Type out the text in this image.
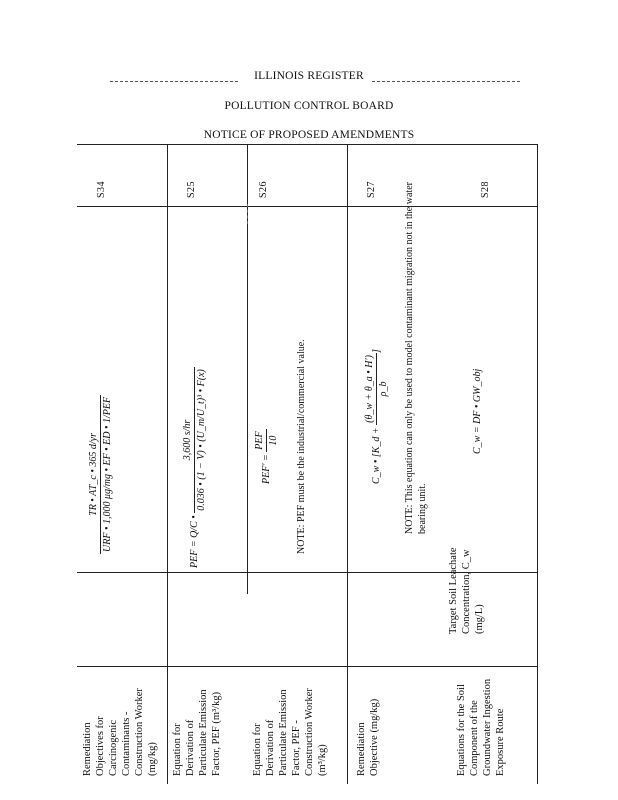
ILLINOIS REGISTER
POLLUTION CONTROL BOARD
NOTICE OF PROPOSED AMENDMENTS
Equations for the Soil Component of the Groundwater Ingestion Exposure Route
Remediation Objectives for Carcinogenic Contaminants - Construction Worker (mg/kg)
TR • AT_c • 365 d/yr URF • 1,000 μg/mg • EF • ED • 1/PEF
S34
Equation for Derivation of Particulate Emission Factor, PEF (m³/kg)
PEF = Q/C •
3,600 s/hr 0.036 • (1 − V) • (U_m/U_t)³ • F(x)
S25
Equation for Derivation of Particulate Emission Factor, PEF - Construction Worker (m³/kg)
PEF′ =
PEF 10 NOTE: PEF must be the industrial/commercial value.
S26
Remediation Objective (mg/kg)
C_w • [K_d +
(θ_w + θ_a • H′) ρ_b
]	NOTE: This equation can only be used to model contaminant migration not in the water bearing unit.
S27
Target Soil Leachate Concentration, C_w (mg/L)
C_w = DF • GW_obj
S28
